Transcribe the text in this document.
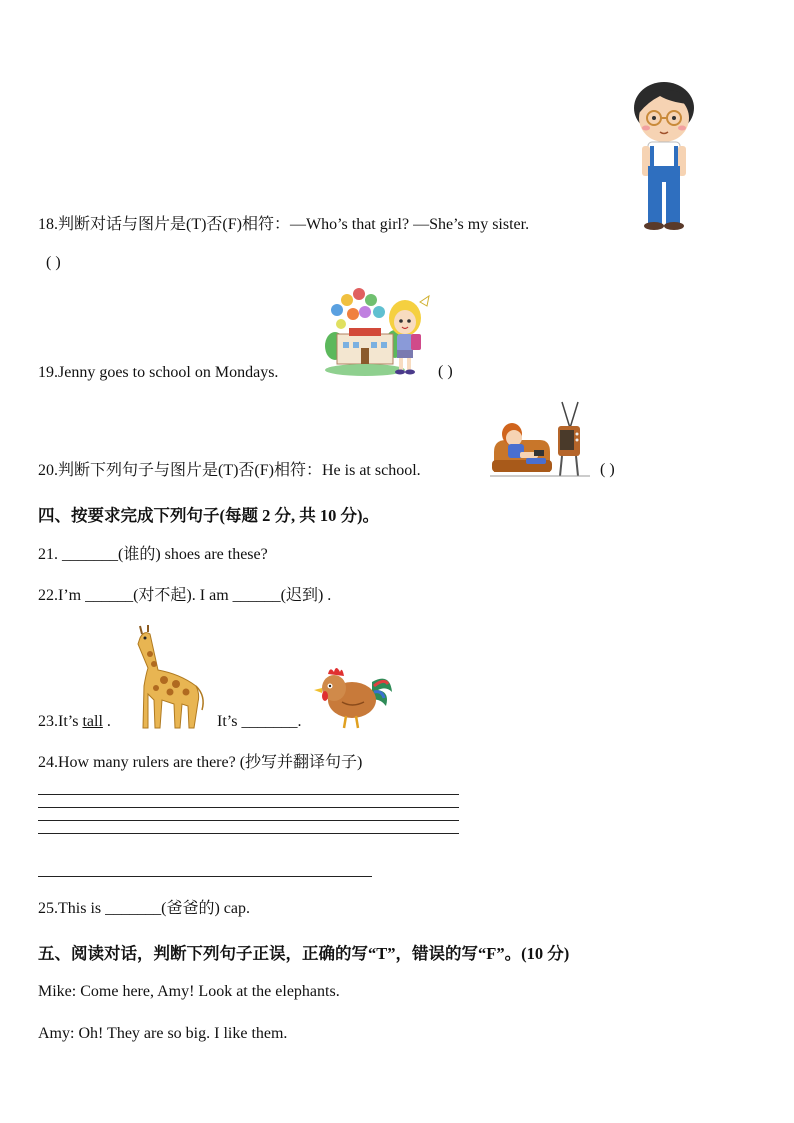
18.判断对话与图片是(T)否(F)相符：—Who’s that girl? —She’s my sister.
( )
19.Jenny goes to school on Mondays.	( )
20.判断下列句子与图片是(T)否(F)相符：He is at school.	( )
四、按要求完成下列句子(每题 2 分, 共 10 分)。
21. _______(谁的) shoes are these?
22.I’m ______(对不起). I am ______(迟到) .
23.It’s tall .	It’s _______.
24.How many rulers are there? (抄写并翻译句子)
25.This is _______(爸爸的) cap.
五、阅读对话，判断下列句子正误，正确的写“T”，错误的写“F”。(10 分)
Mike: Come here, Amy! Look at the elephants.
Amy: Oh! They are so big. I like them.
